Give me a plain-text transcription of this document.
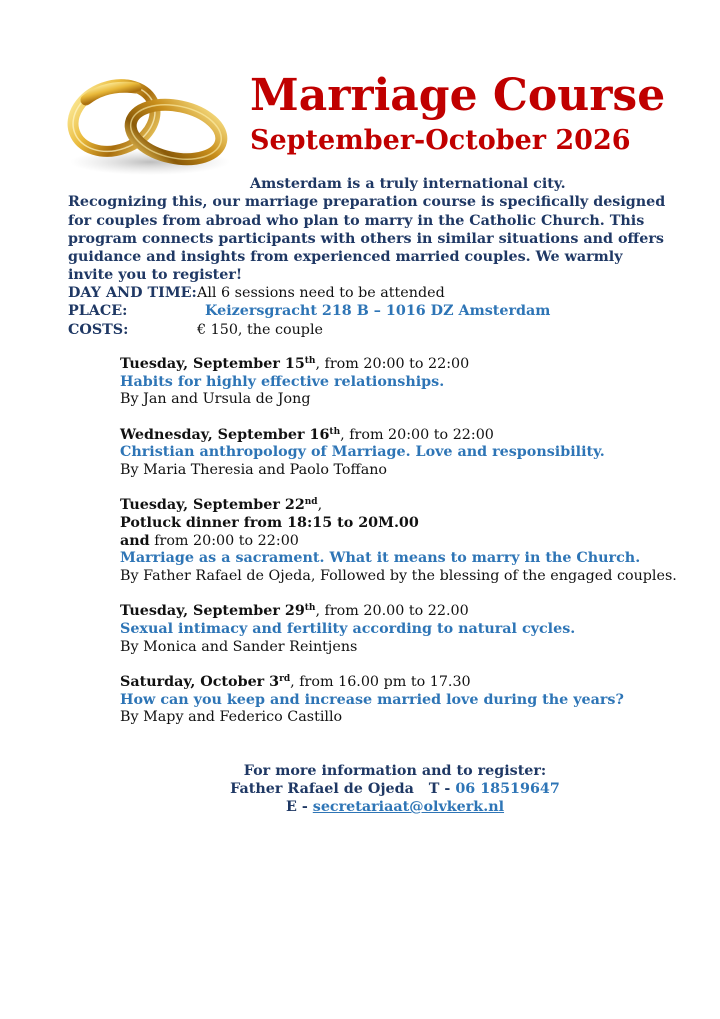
Marriage Course
September-October 2026

Amsterdam is a truly international city. Recognizing this, our marriage preparation course is specifically designed for couples from abroad who plan to marry in the Catholic Church. This program connects participants with others in similar situations and offers guidance and insights from experienced married couples. We warmly invite you to register!

DAY AND TIME: All 6 sessions need to be attended
PLACE:	Keizersgracht 218 B – 1016 DZ Amsterdam
COSTS:	€ 150, the couple
Tuesday, September 15th, from 20:00 to 22:00
Habits for highly effective relationships.
By Jan and Ursula de Jong
Wednesday, September 16th, from 20:00 to 22:00
Christian anthropology of Marriage. Love and responsibility.
By Maria Theresia and Paolo Toffano
Tuesday, September 22nd,
Potluck dinner from 18:15 to 20M.00
and from 20:00 to 22:00
Marriage as a sacrament. What it means to marry in the Church.
By Father Rafael de Ojeda, Followed by the blessing of the engaged couples.
Tuesday, September 29th, from 20.00 to 22.00
Sexual intimacy and fertility according to natural cycles.
By Monica and Sander Reintjens
Saturday, October 3rd, from 16.00 pm to 17.30
How can you keep and increase married love during the years?
By Mapy and Federico Castillo
For more information and to register:
Father Rafael de Ojeda T - 06 18519647
E - secretariaat@olvkerk.nl
